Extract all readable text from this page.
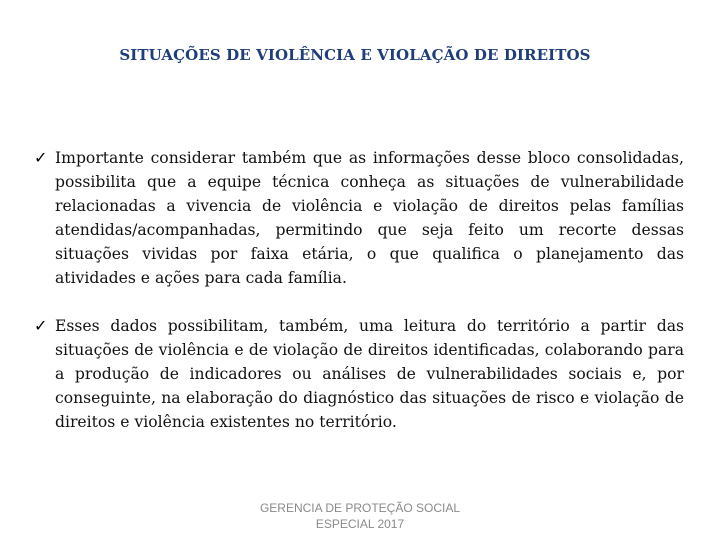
SITUAÇÕES DE VIOLÊNCIA E VIOLAÇÃO DE DIREITOS
✓ Importante considerar também que as informações desse bloco consolidadas, possibilita que a equipe técnica conheça as situações de vulnerabilidade relacionadas a vivencia de violência e violação de direitos pelas famílias atendidas/acompanhadas, permitindo que seja feito um recorte dessas situações vividas por faixa etária, o que qualifica o planejamento das atividades e ações para cada família.
✓ Esses dados possibilitam, também, uma leitura do território a partir das situações de violência e de violação de direitos identificadas, colaborando para a produção de indicadores ou análises de vulnerabilidades sociais e, por conseguinte, na elaboração do diagnóstico das situações de risco e violação de direitos e violência existentes no território.
GERENCIA DE PROTEÇÃO SOCIAL
ESPECIAL 2017
